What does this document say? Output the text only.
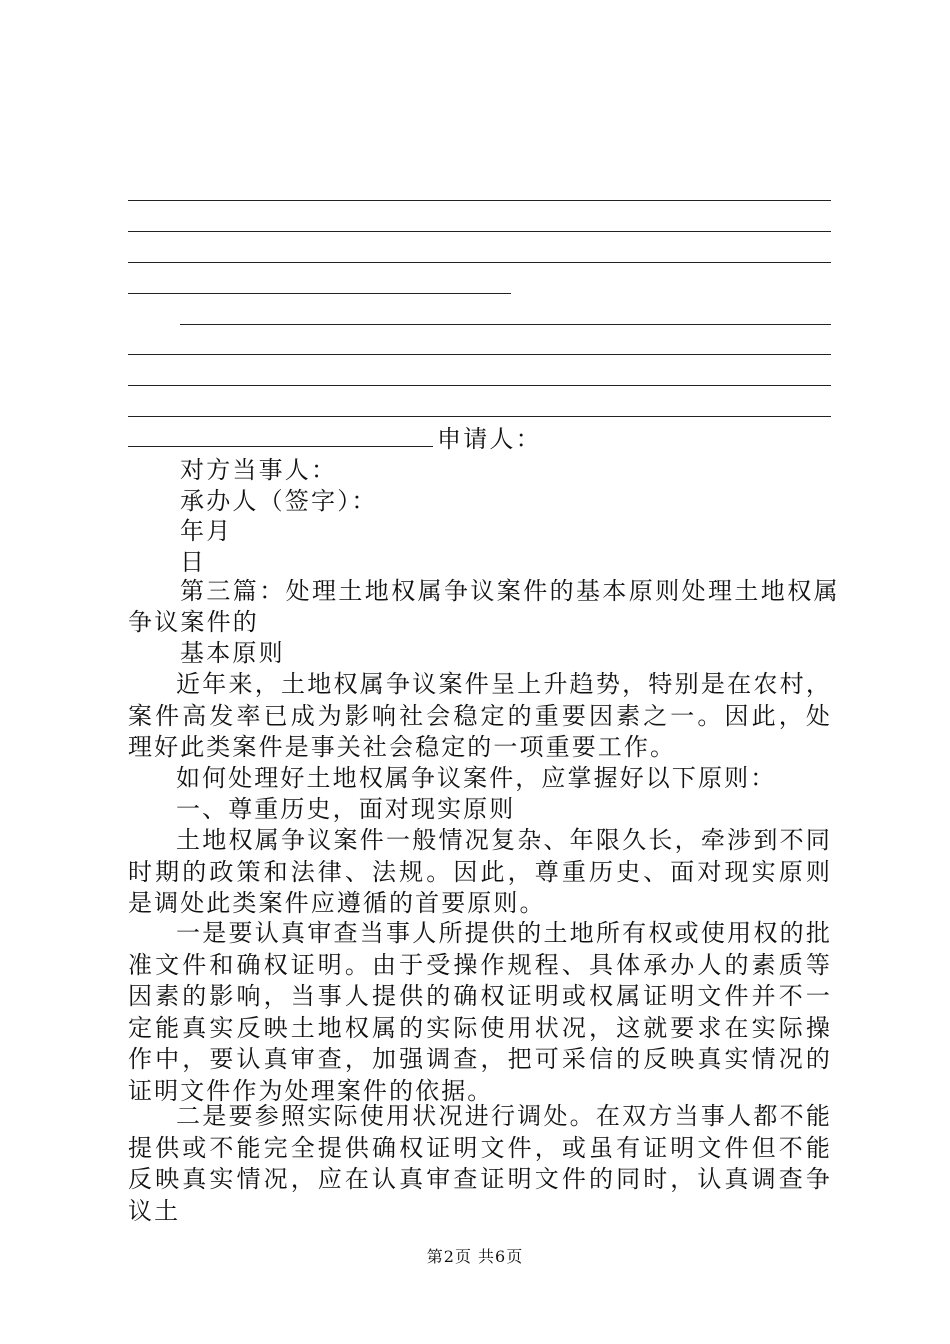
申请人：
对方当事人：
承办人（签字）：
年月
日
第三篇：处理土地权属争议案件的基本原则处理土地权属
争议案件的
基本原则
近年来，土地权属争议案件呈上升趋势，特别是在农村，案件高发率已成为影响社会稳定的重要因素之一。因此，处理好此类案件是事关社会稳定的一项重要工作。
如何处理好土地权属争议案件，应掌握好以下原则：
一、尊重历史，面对现实原则
土地权属争议案件一般情况复杂、年限久长，牵涉到不同时期的政策和法律、法规。因此，尊重历史、面对现实原则是调处此类案件应遵循的首要原则。
一是要认真审查当事人所提供的土地所有权或使用权的批准文件和确权证明。由于受操作规程、具体承办人的素质等因素的影响，当事人提供的确权证明或权属证明文件并不一定能真实反映土地权属的实际使用状况，这就要求在实际操作中，要认真审查，加强调查，把可采信的反映真实情况的证明文件作为处理案件的依据。
二是要参照实际使用状况进行调处。在双方当事人都不能提供或不能完全提供确权证明文件，或虽有证明文件但不能反映真实情况，应在认真审查证明文件的同时，认真调查争议土
第2页 共6页
